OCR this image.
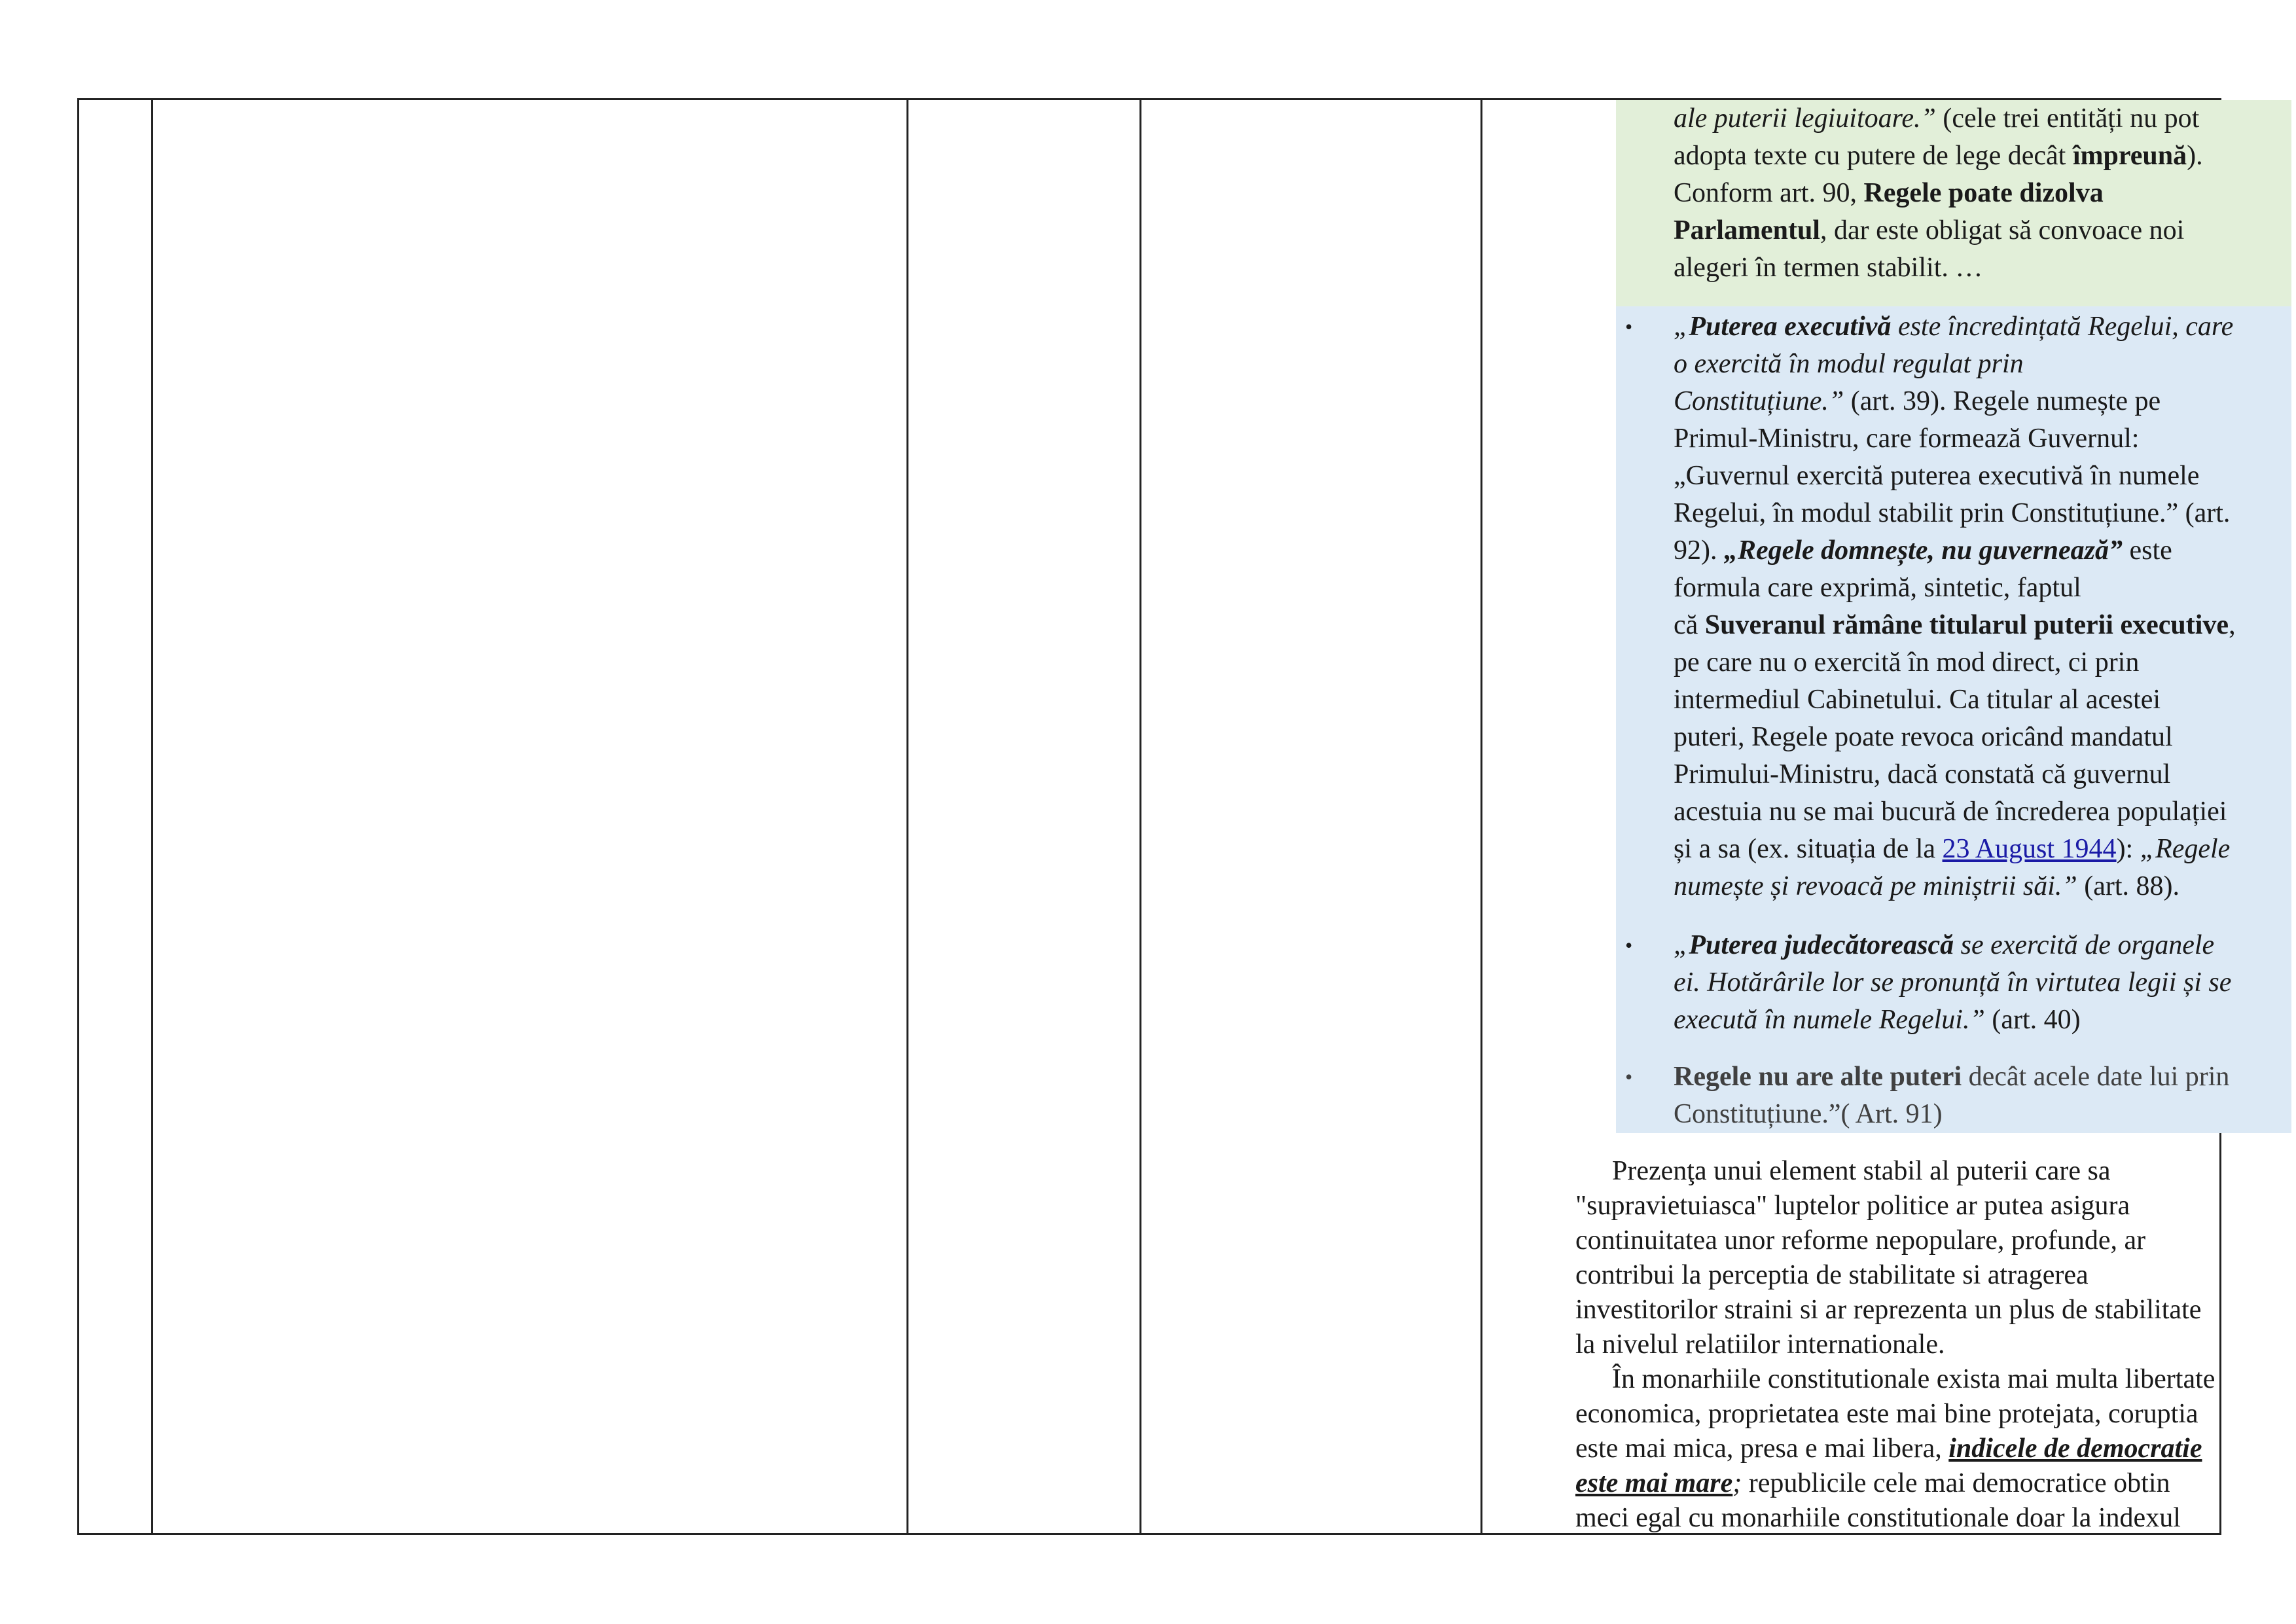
ale puterii legiuitoare.” (cele trei entități nu pot
adopta texte cu putere de lege decât împreună).
Conform art. 90, Regele poate dizolva
Parlamentul, dar este obligat să convoace noi
alegeri în termen stabilit. …
• „Puterea executivă este încredințată Regelui, care
o exercită în modul regulat prin
Constituțiune.” (art. 39). Regele numește pe
Primul-Ministru, care formează Guvernul:
„Guvernul exercită puterea executivă în numele
Regelui, în modul stabilit prin Constituțiune.” (art.
92). „Regele domnește, nu guvernează” este
formula care exprimă, sintetic, faptul
că Suveranul rămâne titularul puterii executive,
pe care nu o exercită în mod direct, ci prin
intermediul Cabinetului. Ca titular al acestei
puteri, Regele poate revoca oricând mandatul
Primului-Ministru, dacă constată că guvernul
acestuia nu se mai bucură de încrederea populației
și a sa (ex. situația de la 23 August 1944): „Regele
numește și revoacă pe miniștrii săi.” (art. 88).
• „Puterea judecătorească se exercită de organele
ei. Hotărârile lor se pronunță în virtutea legii și se
execută în numele Regelui.” (art. 40)
• Regele nu are alte puteri decât acele date lui prin
Constituțiune.”( Art. 91)
Prezenţa unui element stabil al puterii care sa
"supravietuiasca" luptelor politice ar putea asigura
continuitatea unor reforme nepopulare, profunde, ar
contribui la perceptia de stabilitate si atragerea
investitorilor straini si ar reprezenta un plus de stabilitate
la nivelul relatiilor internationale.
În monarhiile constitutionale exista mai multa libertate
economica, proprietatea este mai bine protejata, coruptia
este mai mica, presa e mai libera, indicele de democratie
este mai mare; republicile cele mai democratice obtin
meci egal cu monarhiile constitutionale doar la indexul
